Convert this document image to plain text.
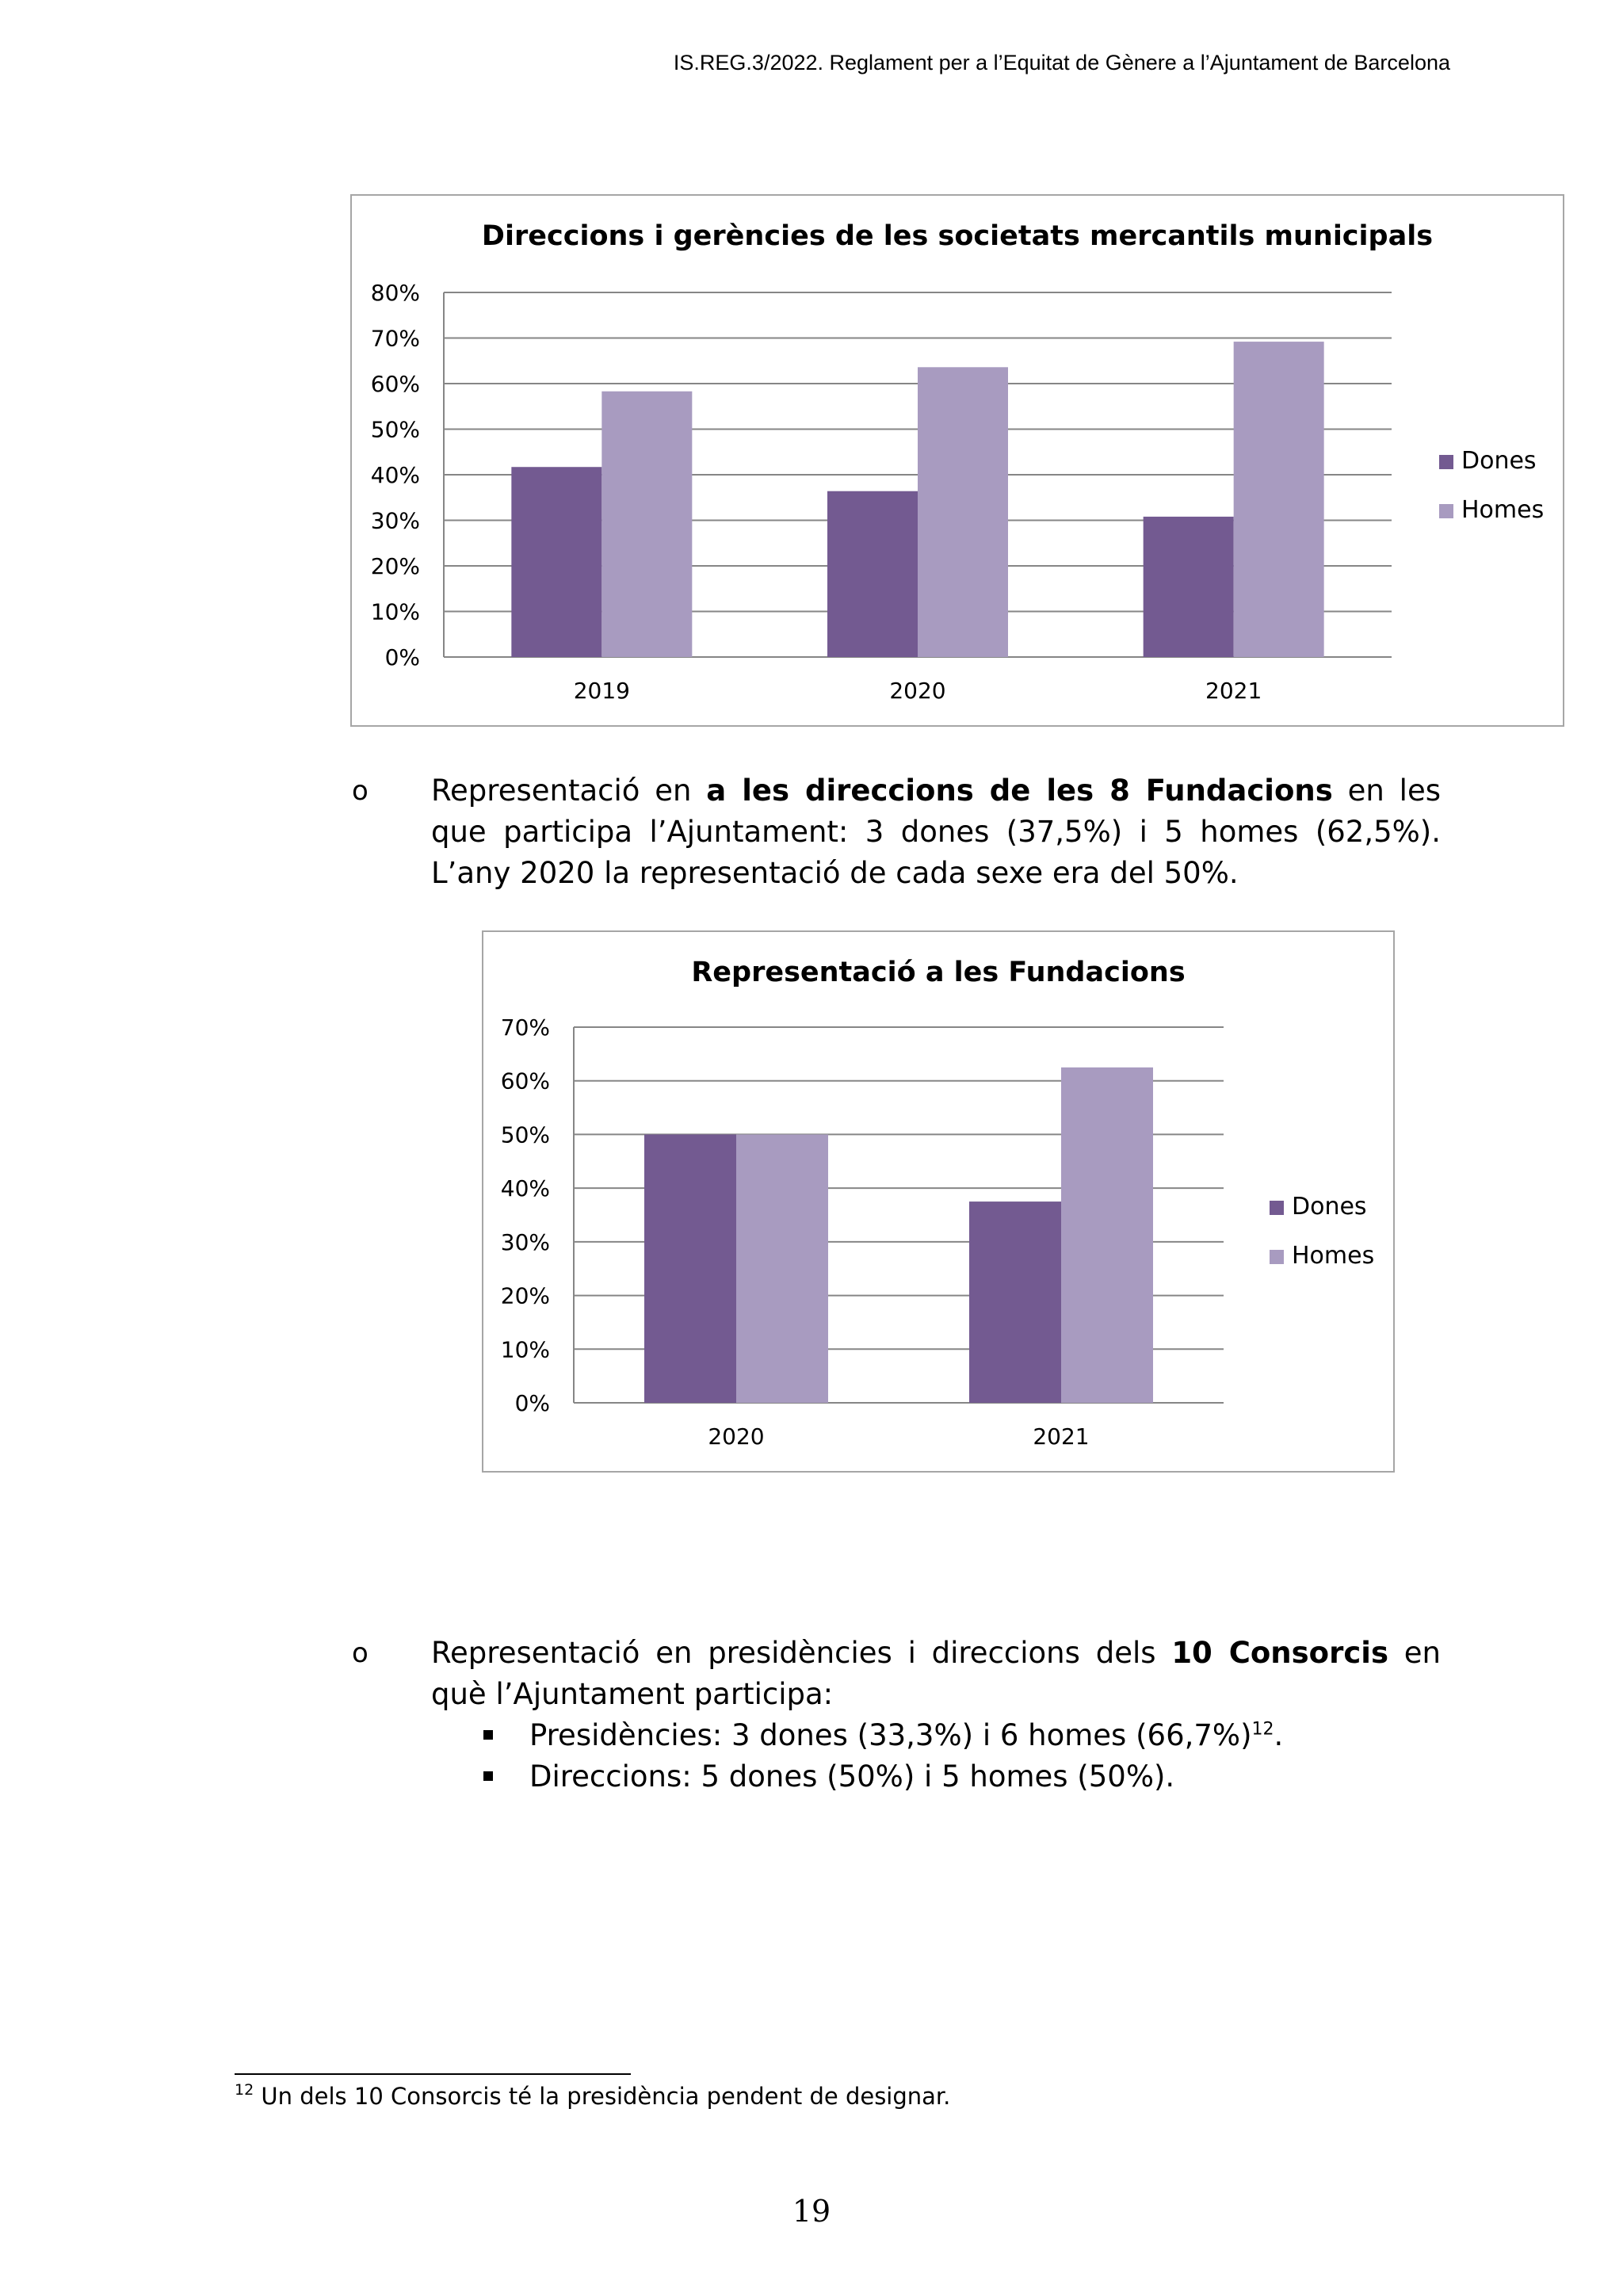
IS.REG.3/2022. Reglament per a l’Equitat de Gènere a l’Ajuntament de Barcelona
Direccions i gerències de les societats mercantils municipals
0%
10%
20%
30%
40%
50%
60%
70%
80%
2019	2020	2021
Dones
Homes
o Representació en a les direccions de les 8 Fundacions en les que participa l’Ajuntament: 3 dones (37,5%) i 5 homes (62,5%). L’any 2020 la representació de cada sexe era del 50%.

Representació a les Fundacions
0%
10%
20%
30%
40%
50%
60%
70%
2020	2021
Dones
Homes
o Representació en presidències i direccions dels 10 Consorcis en què l’Ajuntament participa:

Presidències: 3 dones (33,3%) i 6 homes $(66,7\%)^{12}$.
Direccions: 5 dones (50%) i 5 homes (50%).
$^{12}$ Un dels 10 Consorcis té la presidència pendent de designar.
19
